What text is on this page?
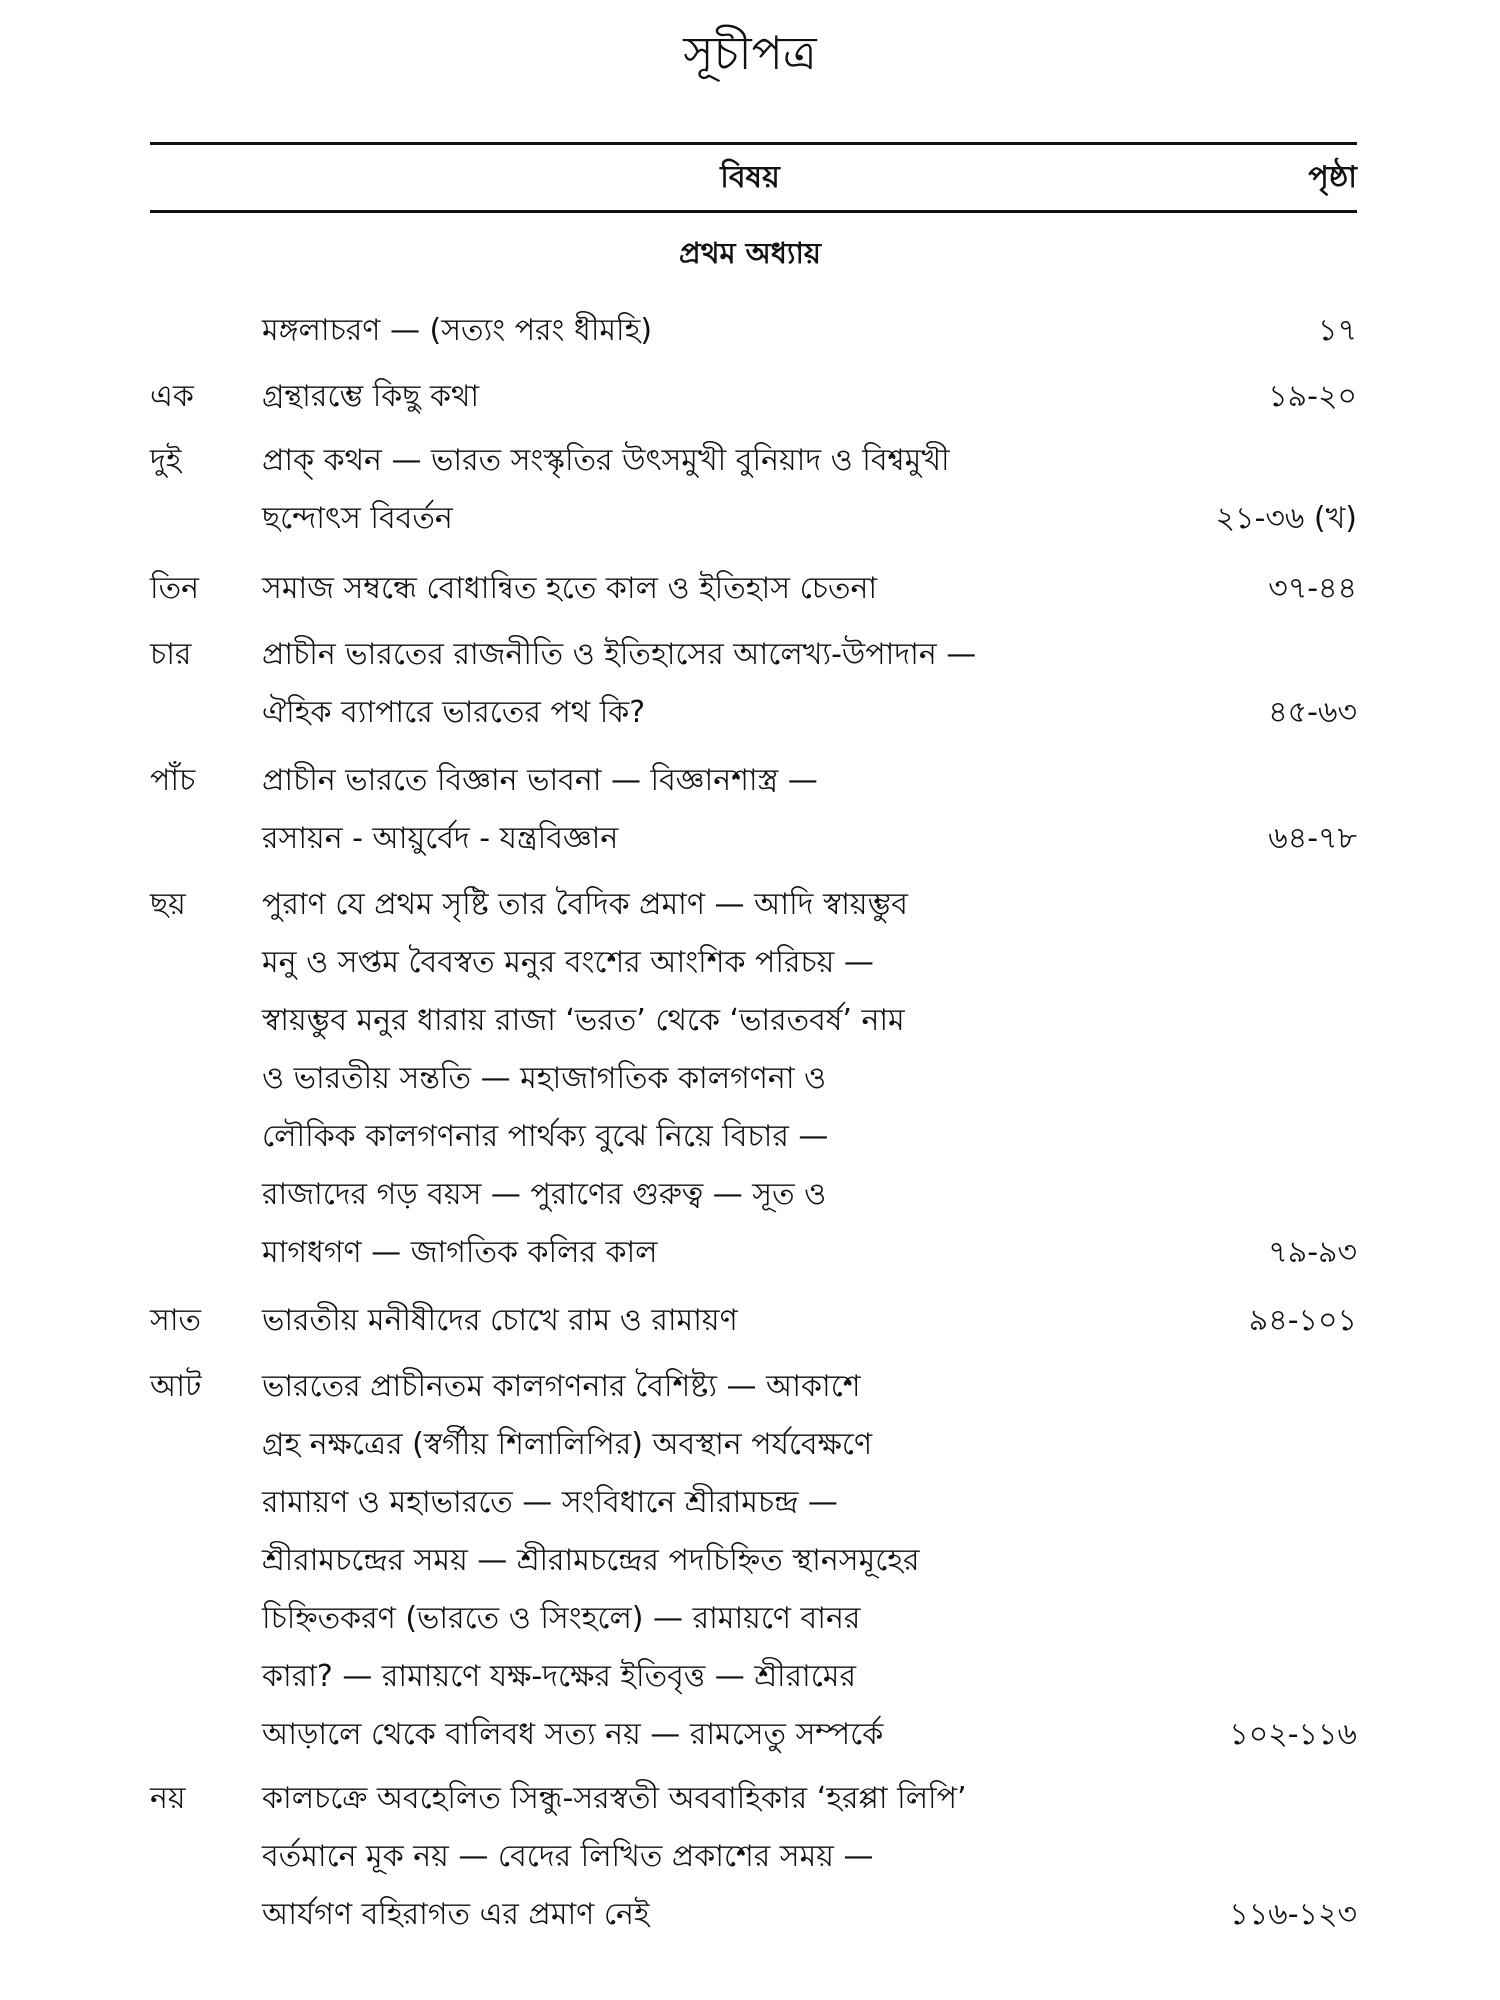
সূচীপত্র
বিষয়	পৃষ্ঠা
প্রথম অধ্যায়
মঙ্গলাচরণ — (সত্যং পরং ধীমহি)	১৭
এক গ্রন্থারম্ভে কিছু কথা	১৯-২০
দুই	প্রাক্ কথন — ভারত সংস্কৃতির উৎসমুখী বুনিয়াদ ও বিশ্বমুখী
ছন্দোৎস বিবর্তন	২১-৩৬ (খ)
তিন সমাজ সম্বন্ধে বোধান্বিত হতে কাল ও ইতিহাস চেতনা	৩৭-৪৪
চার প্রাচীন ভারতের রাজনীতি ও ইতিহাসের আলেখ্য-উপাদান —
ঐহিক ব্যাপারে ভারতের পথ কি?	৪৫-৬৩
পাঁচ প্রাচীন ভারতে বিজ্ঞান ভাবনা — বিজ্ঞানশাস্ত্র —
রসায়ন - আয়ুর্বেদ - যন্ত্রবিজ্ঞান	৬৪-৭৮
ছয়	পুরাণ যে প্রথম সৃষ্টি তার বৈদিক প্রমাণ — আদি স্বায়ম্ভুব
মনু ও সপ্তম বৈবস্বত মনুর বংশের আংশিক পরিচয় —
স্বায়ম্ভুব মনুর ধারায় রাজা ‘ভরত’ থেকে ‘ভারতবর্ষ’ নাম
ও ভারতীয় সন্ততি — মহাজাগতিক কালগণনা ও
লৌকিক কালগণনার পার্থক্য বুঝে নিয়ে বিচার —
রাজাদের গড় বয়স — পুরাণের গুরুত্ব — সূত ও
মাগধগণ — জাগতিক কলির কাল	৭৯-৯৩
সাত ভারতীয় মনীষীদের চোখে রাম ও রামায়ণ	৯৪-১০১
আট ভারতের প্রাচীনতম কালগণনার বৈশিষ্ট্য — আকাশে
গ্রহ নক্ষত্রের (স্বর্গীয় শিলালিপির) অবস্থান পর্যবেক্ষণে
রামায়ণ ও মহাভারতে — সংবিধানে শ্রীরামচন্দ্র —
শ্রীরামচন্দ্রের সময় — শ্রীরামচন্দ্রের পদচিহ্নিত স্থানসমূহের
চিহ্নিতকরণ (ভারতে ও সিংহলে) — রামায়ণে বানর
কারা? — রামায়ণে যক্ষ-দক্ষের ইতিবৃত্ত — শ্রীরামের
আড়ালে থেকে বালিবধ সত্য নয় — রামসেতু সম্পর্কে	১০২-১১৬
নয়	কালচক্রে অবহেলিত সিন্ধু-সরস্বতী অববাহিকার ‘হরপ্পা লিপি’
বর্তমানে মূক নয় — বেদের লিখিত প্রকাশের সময় —
আর্যগণ বহিরাগত এর প্রমাণ নেই	১১৬-১২৩
